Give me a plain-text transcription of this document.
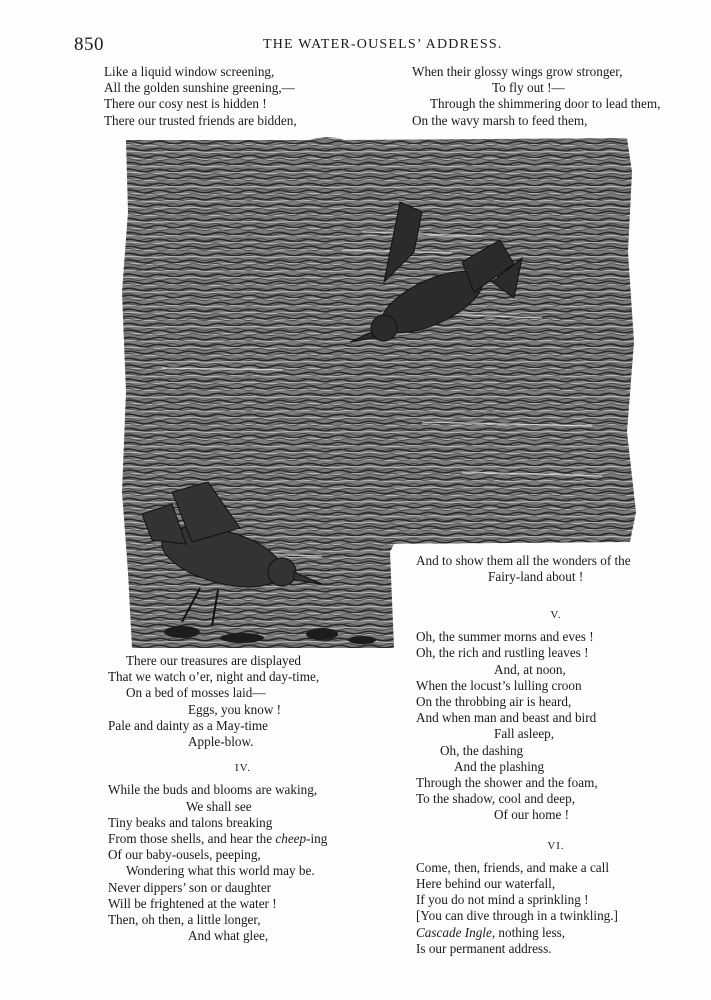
850	THE WATER-OUSELS’ ADDRESS.
Like a liquid window screening,
All the golden sunshine greening,—
There our cosy nest is hidden !
There our trusted friends are bidden,
When their glossy wings grow stronger,
To fly out !—
Through the shimmering door to lead them,
On the wavy marsh to feed them,
And to show them all the wonders of the
Fairy-land about !
There our treasures are displayed
That we watch o’er, night and day-time,
On a bed of mosses laid—
Eggs, you know !
Pale and dainty as a May-time
Apple-blow.
IV.
While the buds and blooms are waking,
We shall see
Tiny beaks and talons breaking
From those shells, and hear the cheep-ing
Of our baby-ousels, peeping,
Wondering what this world may be.
Never dippers’ son or daughter
Will be frightened at the water !
Then, oh then, a little longer,
And what glee,
V.
Oh, the summer morns and eves !
Oh, the rich and rustling leaves !
And, at noon,
When the locust’s lulling croon
On the throbbing air is heard,
And when man and beast and bird
Fall asleep,
Oh, the dashing
And the plashing
Through the shower and the foam,
To the shadow, cool and deep,
Of our home !
VI.
Come, then, friends, and make a call
Here behind our waterfall,
If you do not mind a sprinkling !
[You can dive through in a twinkling.]
Cascade Ingle, nothing less,
Is our permanent address.
